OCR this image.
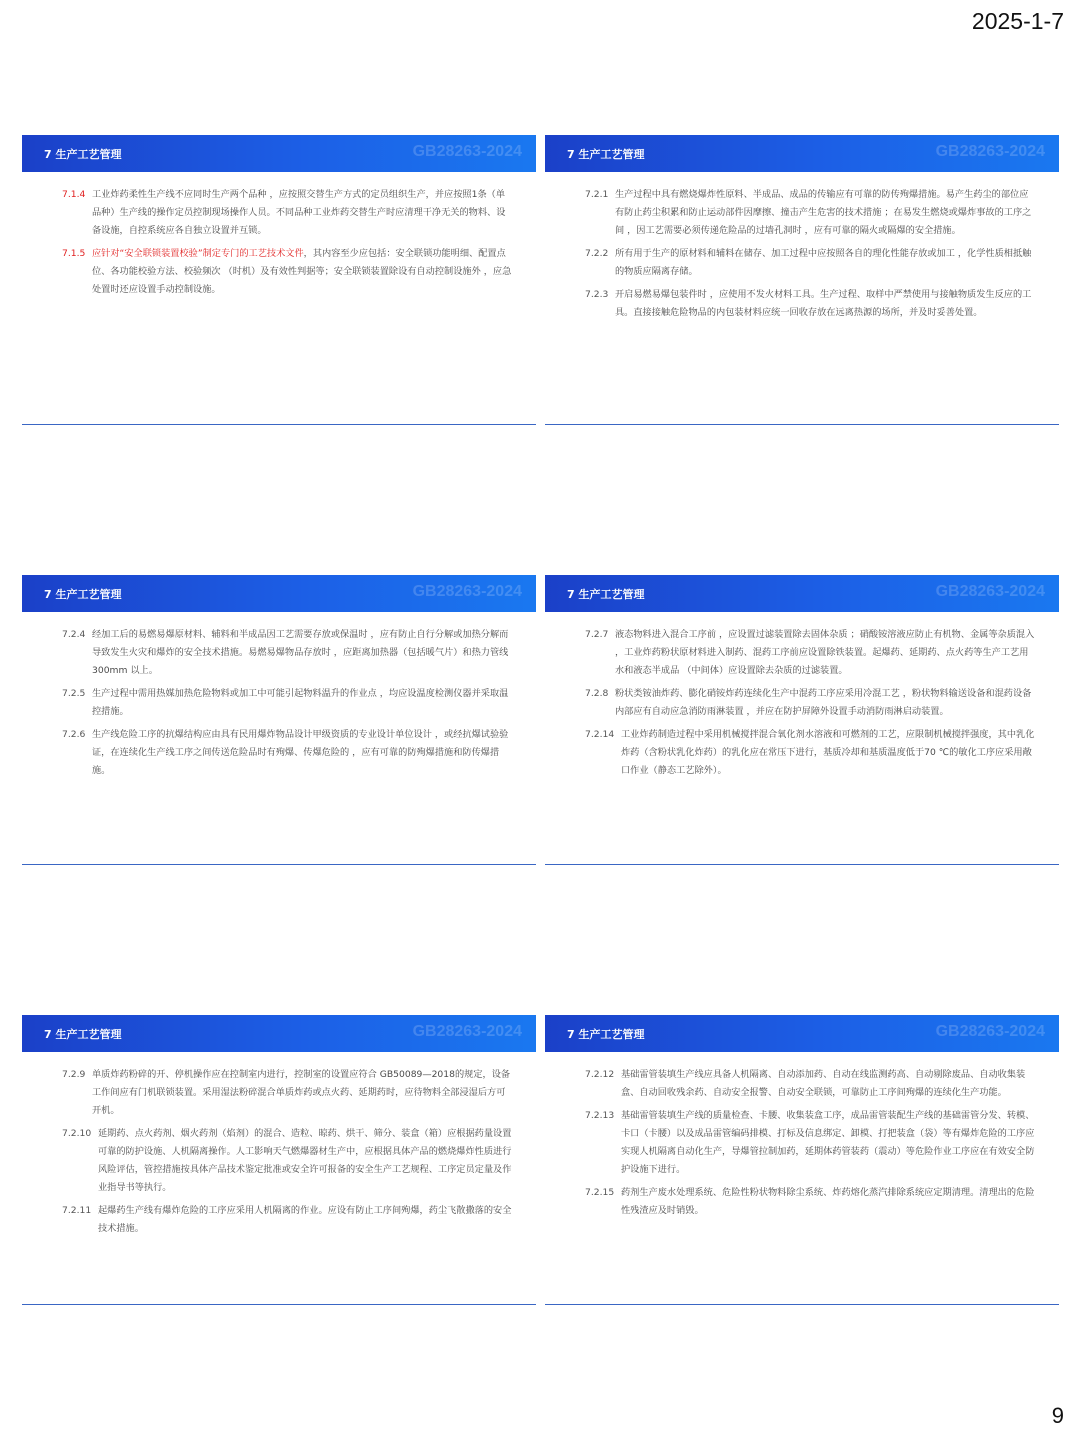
2025-1-7
7 生产工艺管理	GB28263-2024
7.1.4 工业炸药柔性生产线不应同时生产两个品种 ，应按照交替生产方式的定员组织生产，并应按照1条（单品种）生产线的操作定员控制现场操作人员。不同品种工业炸药交替生产时应清理干净无关的物料、设备设施，自控系统应各自独立设置并互锁。
7.1.5 应针对“安全联锁装置校验”制定专门的工艺技术文件，其内容至少应包括：安全联锁功能明细、配置点位、各功能校验方法、校验频次 （时机）及有效性判据等；安全联锁装置除设有自动控制设施外 ，应急处置时还应设置手动控制设施。
7 生产工艺管理	GB28263-2024
7.2.1 生产过程中具有燃烧爆炸性原料、半成品、成品的传输应有可靠的防传殉爆措施。易产生药尘的部位应有防止药尘积累和防止运动部件因摩擦、撞击产生危害的技术措施 ；在易发生燃烧或爆炸事故的工序之间 ，因工艺需要必须传递危险品的过墙孔洞时 ，应有可靠的隔火或隔爆的安全措施。
7.2.2 所有用于生产的原材料和辅料在储存、加工过程中应按照各自的理化性能存放或加工 ，化学性质相抵触的物质应隔离存储。
7.2.3 开启易燃易爆包装件时 ，应使用不发火材料工具。生产过程、取样中严禁使用与接触物质发生反应的工具。直接接触危险物品的内包装材料应统一回收存放在远离热源的场所，并及时妥善处置。
7 生产工艺管理	GB28263-2024
7.2.4 经加工后的易燃易爆原材料、辅料和半成品因工艺需要存放或保温时 ，应有防止自行分解或加热分解而导致发生火灾和爆炸的安全技术措施。易燃易爆物品存放时 ，应距离加热器（包括暖气片）和热力管线300mm 以上。
7.2.5 生产过程中需用热媒加热危险物料或加工中可能引起物料温升的作业点 ，均应设温度检测仪器并采取温控措施。
7.2.6 生产线危险工序的抗爆结构应由具有民用爆炸物品设计甲级资质的专业设计单位设计 ，或经抗爆试验验证，在连续化生产线工序之间传送危险品时有殉爆、传爆危险的 ，应有可靠的防殉爆措施和防传爆措施。
7 生产工艺管理	GB28263-2024
7.2.7 液态物料进入混合工序前 ，应设置过滤装置除去固体杂质 ；硝酸铵溶液应防止有机物、金属等杂质混入 ，工业炸药粉状原材料进入制药、混药工序前应设置除铁装置。起爆药、延期药、点火药等生产工艺用水和液态半成品 （中间体）应设置除去杂质的过滤装置。
7.2.8 粉状类铵油炸药、膨化硝铵炸药连续化生产中混药工序应采用冷混工艺 ，粉状物料输送设备和混药设备内部应有自动应急消防雨淋装置 ，并应在防护屏障外设置手动消防雨淋启动装置。
7.2.14 工业炸药制造过程中采用机械搅拌混合氧化剂水溶液和可燃剂的工艺，应限制机械搅拌强度，其中乳化炸药（含粉状乳化炸药）的乳化应在常压下进行，基质冷却和基质温度低于70 ℃的敏化工序应采用敞口作业（静态工艺除外）。
7 生产工艺管理	GB28263-2024
7.2.9 单质炸药粉碎的开、停机操作应在控制室内进行，控制室的设置应符合 GB50089—2018的规定，设备工作间应有门机联锁装置。采用湿法粉碎混合单质炸药或点火药、延期药时，应待物料全部浸湿后方可开机。
7.2.10 延期药、点火药剂、烟火药剂（焰剂）的混合、造粒、晾药、烘干、筛分、装盒（箱）应根据药量设置可靠的防护设施、人机隔离操作。人工影响天气燃爆器材生产中，应根据具体产品的燃烧爆炸性质进行风险评估，管控措施按具体产品技术鉴定批准或安全许可报备的安全生产工艺规程、工序定员定量及作业指导书等执行。
7.2.11 起爆药生产线有爆炸危险的工序应采用人机隔离的作业。应设有防止工序间殉爆，药尘飞散撒落的安全技术措施。
7 生产工艺管理	GB28263-2024
7.2.12 基础雷管装填生产线应具备人机隔离、自动添加药、自动在线监测药高、自动剔除废品、自动收集装盒、自动回收残余药、自动安全报警、自动安全联锁，可靠防止工序间殉爆的连续化生产功能。
7.2.13 基础雷管装填生产线的质量检查、卡腰、收集装盒工序，成品雷管装配生产线的基础雷管分发、转模、卡口（卡腰）以及成品雷管编码排模、打标及信息绑定、卸模、打把装盒（袋）等有爆炸危险的工序应实现人机隔离自动化生产，导爆管拉制加药，延期体药管装药（震动）等危险作业工序应在有效安全防护设施下进行。
7.2.15 药剂生产废水处理系统、危险性粉状物料除尘系统、炸药熔化蒸汽排除系统应定期清理。清理出的危险性残渣应及时销毁。
9
